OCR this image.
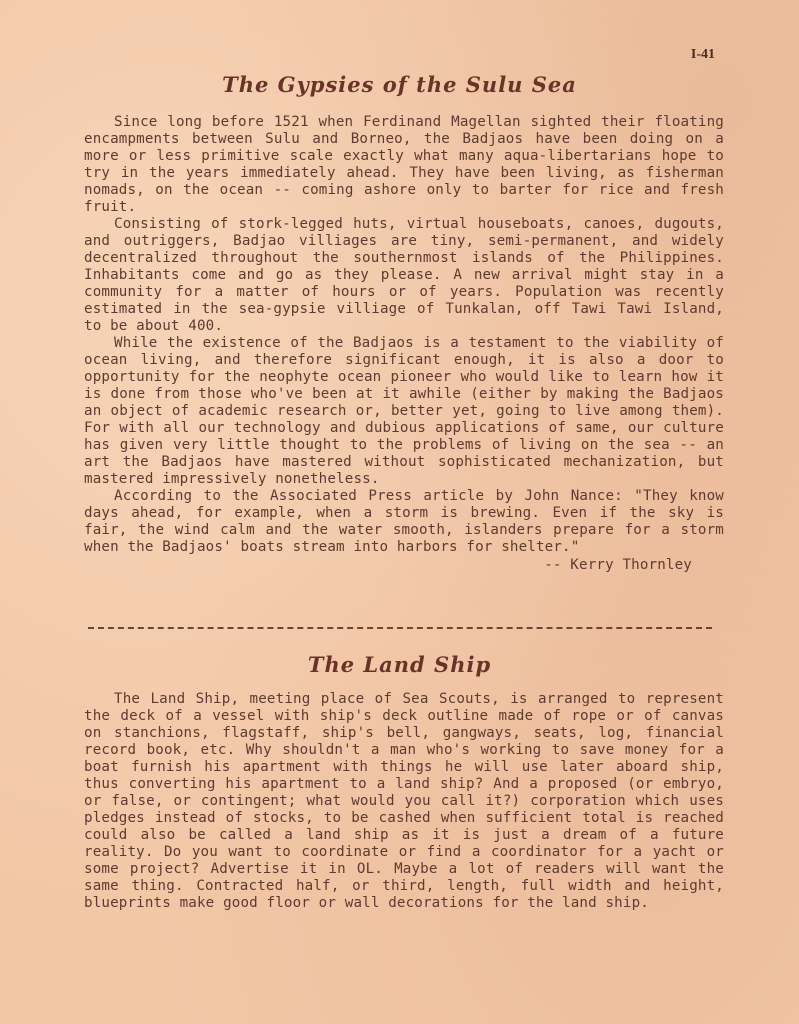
I-41
The Gypsies of the Sulu Sea

Since long before 1521 when Ferdinand Magellan sighted their floating encampments between Sulu and Borneo, the Badjaos have been doing on a more or less primitive scale exactly what many aqua-libertarians hope to try in the years immediately ahead. They have been living, as fisherman nomads, on the ocean -- coming ashore only to barter for rice and fresh fruit.

Consisting of stork-legged huts, virtual houseboats, canoes, dugouts, and outriggers, Badjao villiages are tiny, semi-permanent, and widely decentralized throughout the southernmost islands of the Philippines. Inhabitants come and go as they please. A new arrival might stay in a community for a matter of hours or of years. Population was recently estimated in the sea-gypsie villiage of Tunkalan, off Tawi Tawi Island, to be about 400.

While the existence of the Badjaos is a testament to the viability of ocean living, and therefore significant enough, it is also a door to opportunity for the neophyte ocean pioneer who would like to learn how it is done from those who've been at it awhile (either by making the Badjaos an object of academic research or, better yet, going to live among them). For with all our technology and dubious applications of same, our culture has given very little thought to the problems of living on the sea -- an art the Badjaos have mastered without sophisticated mechanization, but mastered impressively nonetheless.

According to the Associated Press article by John Nance: "They know days ahead, for example, when a storm is brewing. Even if the sky is fair, the wind calm and the water smooth, islanders prepare for a storm when the Badjaos' boats stream into harbors for shelter."

-- Kerry Thornley

The Land Ship

The Land Ship, meeting place of Sea Scouts, is arranged to represent the deck of a vessel with ship's deck outline made of rope or of canvas on stanchions, flagstaff, ship's bell, gangways, seats, log, financial record book, etc. Why shouldn't a man who's working to save money for a boat furnish his apartment with things he will use later aboard ship, thus converting his apartment to a land ship? And a proposed (or embryo, or false, or contingent; what would you call it?) corporation which uses pledges instead of stocks, to be cashed when sufficient total is reached could also be called a land ship as it is just a dream of a future reality. Do you want to coordinate or find a coordinator for a yacht or some project? Advertise it in OL. Maybe a lot of readers will want the same thing. Contracted half, or third, length, full width and height, blueprints make good floor or wall decorations for the land ship.
